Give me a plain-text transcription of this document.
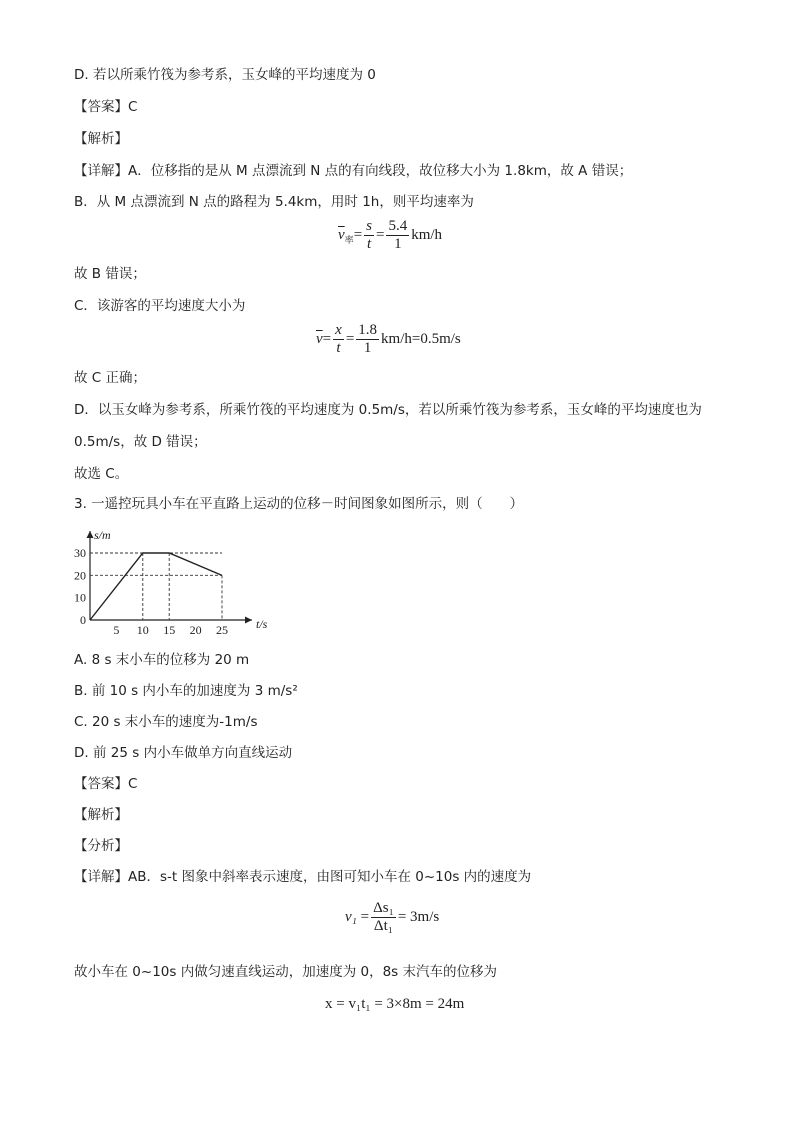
D. 若以所乘竹筏为参考系，玉女峰的平均速度为 0
【答案】C
【解析】
【详解】A．位移指的是从 M 点漂流到 N 点的有向线段，故位移大小为 1.8km，故 A 错误；
B．从 M 点漂流到 N 点的路程为 5.4km，用时 1h，则平均速率为
$\overline{v}_率= \frac{s}{t} = \frac{5.4}{1} km/h$
故 B 错误；
C．该游客的平均速度大小为
$\overline{v}= \frac{x}{t} = \frac{1.8}{1} km/h=0.5m/s$
故 C 正确；
D．以玉女峰为参考系，所乘竹筏的平均速度为 0.5m/s，若以所乘竹筏为参考系，玉女峰的平均速度也为
0.5m/s，故 D 错误；
故选 C。
3. 一遥控玩具小车在平直路上运动的位移－时间图象如图所示，则（　　）
5 10 15 20 25
0
10
20
30
t/s
s/m
A. 8 s 末小车的位移为 20 m
B. 前 10 s 内小车的加速度为 3 m/s²
C. 20 s 末小车的速度为-1m/s
D. 前 25 s 内小车做单方向直线运动
【答案】C
【解析】
【分析】
【详解】AB．s-t 图象中斜率表示速度，由图可知小车在 0~10s 内的速度为
$v_1 = \frac{\text{Δs₁}}{\text{Δt₁}} = 3m/s$
故小车在 0~10s 内做匀速直线运动，加速度为 0，8s 末汽车的位移为
x = v₁t₁ = 3×8m = 24m
